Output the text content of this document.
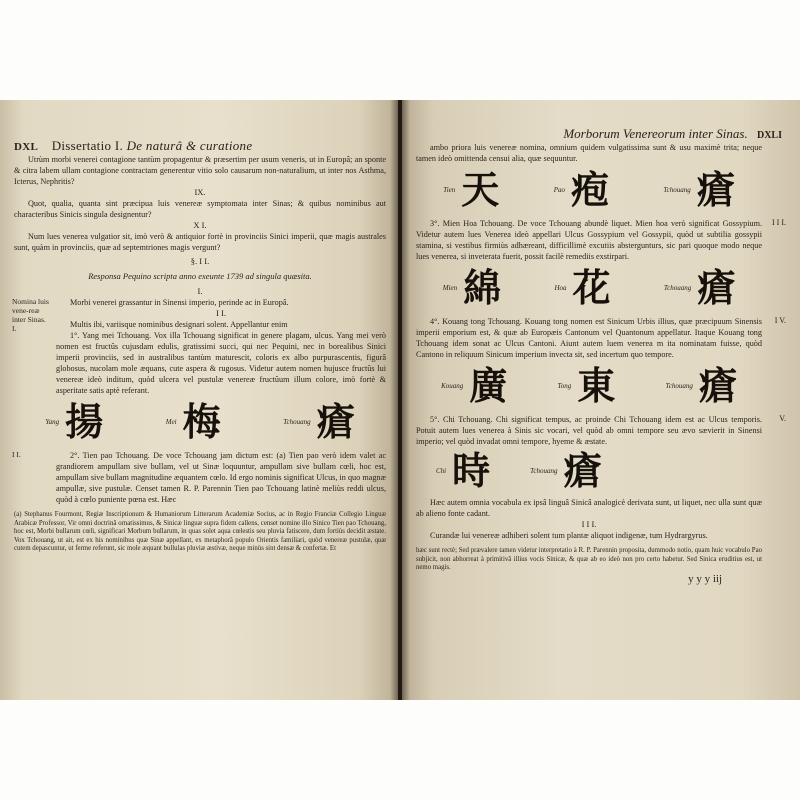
DXL Dissertatio I. De naturâ & curatione

Utrùm morbi venerei contagione tantùm propagentur & præsertim per usum veneris, ut in Europâ; an sponte & citra labem ullam contagione contractam generentur vitio solo causarum non-naturalium, ut inter nos Asthma, Icterus, Nephritis?

IX.

Quot, qualia, quanta sint præcipua luis venereæ symptomata inter Sinas; & quibus nominibus aut characteribus Sinicis singula designentur?

X I.

Num lues venerea vulgatior sit, imò verò & antiquior fortè in provinciis Sinici imperii, quæ magis australes sunt, quàm in provinciis, quæ ad septemtriones magis vergunt?

§. I I.

Responsa Pequino scripta anno exeunte 1739 ad singula quæsita.

I.

Nomina luis vene-reæ inter Sinas.
I.

Morbi venerei grassantur in Sinensi imperio, perinde ac in Europâ.

I I.

Multis ibi, variisque nominibus designari solent. Appellantur enim

1°. Yang mei Tchouang. Vox illa Tchouang significat in genere plagam, ulcus. Yang mei verò nomen est fructûs cujusdam edulis, gratissimi succi, qui nec Pequini, nec in borealibus Sinici imperii provinciis, sed in australibus tantùm maturescit, coloris ex albo purpurascentis, figurâ globosus, nucolam mole æquans, cute aspera & rugosus. Videtur autem nomen hujusce fructûs lui venereæ ideò inditum, quòd ulcera vel pustulæ venereæ fructûum illum colore, imò fortè & asperitate satis aptè referant.

Yang 揚	Mei 梅	Tchouang 瘡
I I.	2°. Tien pao Tchouang. De voce Tchouang jam dictum est: (a) Tien pao verò idem valet ac grandiorem ampullam sive bullam, vel ut Sinæ loquuntur, ampullam sive bullam cœli, hoc est, ampullam sive bullam magnitudine æquantem cœlo. Id ergo nominis significat Ulcus, in quo magnæ ampullæ, sive pustulæ. Censet tamen R. P. Parennin Tien pao Tchouang latinè meliùs reddi ulcus, quòd à cœlo puniente pœna est. Hæc

(a) Stephanus Fourmont, Regiæ Inscriptionum & Humaniorum Litterarum Academiæ Socius, ac in Regio Franciæ Collegio Linguæ Arabicæ Professor, Vir omni doctrinâ ornatissimus, & Sinicæ linguæ supra fidem callens, censet nomine illo Sinico Tien pao Tchouang, hoc est, Morbi bullarum cœli, significari Morbum bullarum, in quas solet aqua cœlestis seu pluvia fatiscere, dum fortiùs decidit æstate. Vox Tchouang, ut ait, est ex his nominibus quæ Sinæ appellant, ex metaphorâ populo Orientis familiari, quòd venereæ pustulæ, quæ cutem depascuntur, ut ferme referunt, sic mole æquant bullulas pluviæ æstivæ, neque minùs sint densæ & confertæ. Et

Morborum Venereorum inter Sinas. DXLI

ambo priora luis venereæ nomina, omnium quidem vulgatissima sunt & usu maximè trita; neque tamen ideò omittenda censui alia, quæ sequuntur.

Tien 天	Pao 疱	Tchouang 瘡
I I I.

3°. Mien Hoa Tchouang. De voce Tchouang abundè liquet. Mien hoa verò significat Gossypium. Videtur autem lues Venerea ideò appellari Ulcus Gossypium vel Gossypii, quòd ut subtilia gossypii stamina, si vestibus firmiùs adhæreant, difficillimè excutiis abstergunturs, sic pari quoque modo neque lues venerea, si inveterata fuerit, possit facilè remediis exstirpari.

Mien 綿	Hoa 花	Tchouang 瘡
I V.

4°. Kouang tong Tchouang. Kouang tong nomen est Sinicum Urbis illius, quæ præcipuum Sinensis imperii emporium est, & quæ ab Europæis Cantonum vel Quantonum appellatur. Itaque Kouang tong Tchouang idem sonat ac Ulcus Cantoni. Aiunt autem luem venerea m ita nominatam fuisse, quòd Cantono in reliquum Sinicum imperium invecta sit, sed incertum quo tempore.

Kouang 廣	Tong 東	Tchouang 瘡
V.

5°. Chi Tchouang. Chi significat tempus, ac proinde Chi Tchouang idem est ac Ulcus temporis. Potuit autem lues venerea à Sinis sic vocari, vel quòd ab omni tempore seu ævo sævierit in Sinensi imperio; vel quòd invadat omni tempore, hyeme & æstate.

Chi 時	Tchouang 瘡

Hæc autem omnia vocabula ex ipsâ linguâ Sinicâ analogicè derivata sunt, ut liquet, nec ulla sunt quæ ab alieno fonte cadant.

I I I.

Curandæ lui venereæ adhiberi solent tum plantæ aliquot indigenæ, tum Hydrargyrus.

hæc sunt rectè; Sed prævalere tamen videtur interpretatio à R. P. Parennin proposita, dummodo notio, quam huic vocabulo Pao subjicit, non abhorreat à primitivâ illius vocis Sinicæ, & quæ ab eo ideò non pro certo habetur. Sed Sinica eruditius est, ut nemo magis.

y y y iij
